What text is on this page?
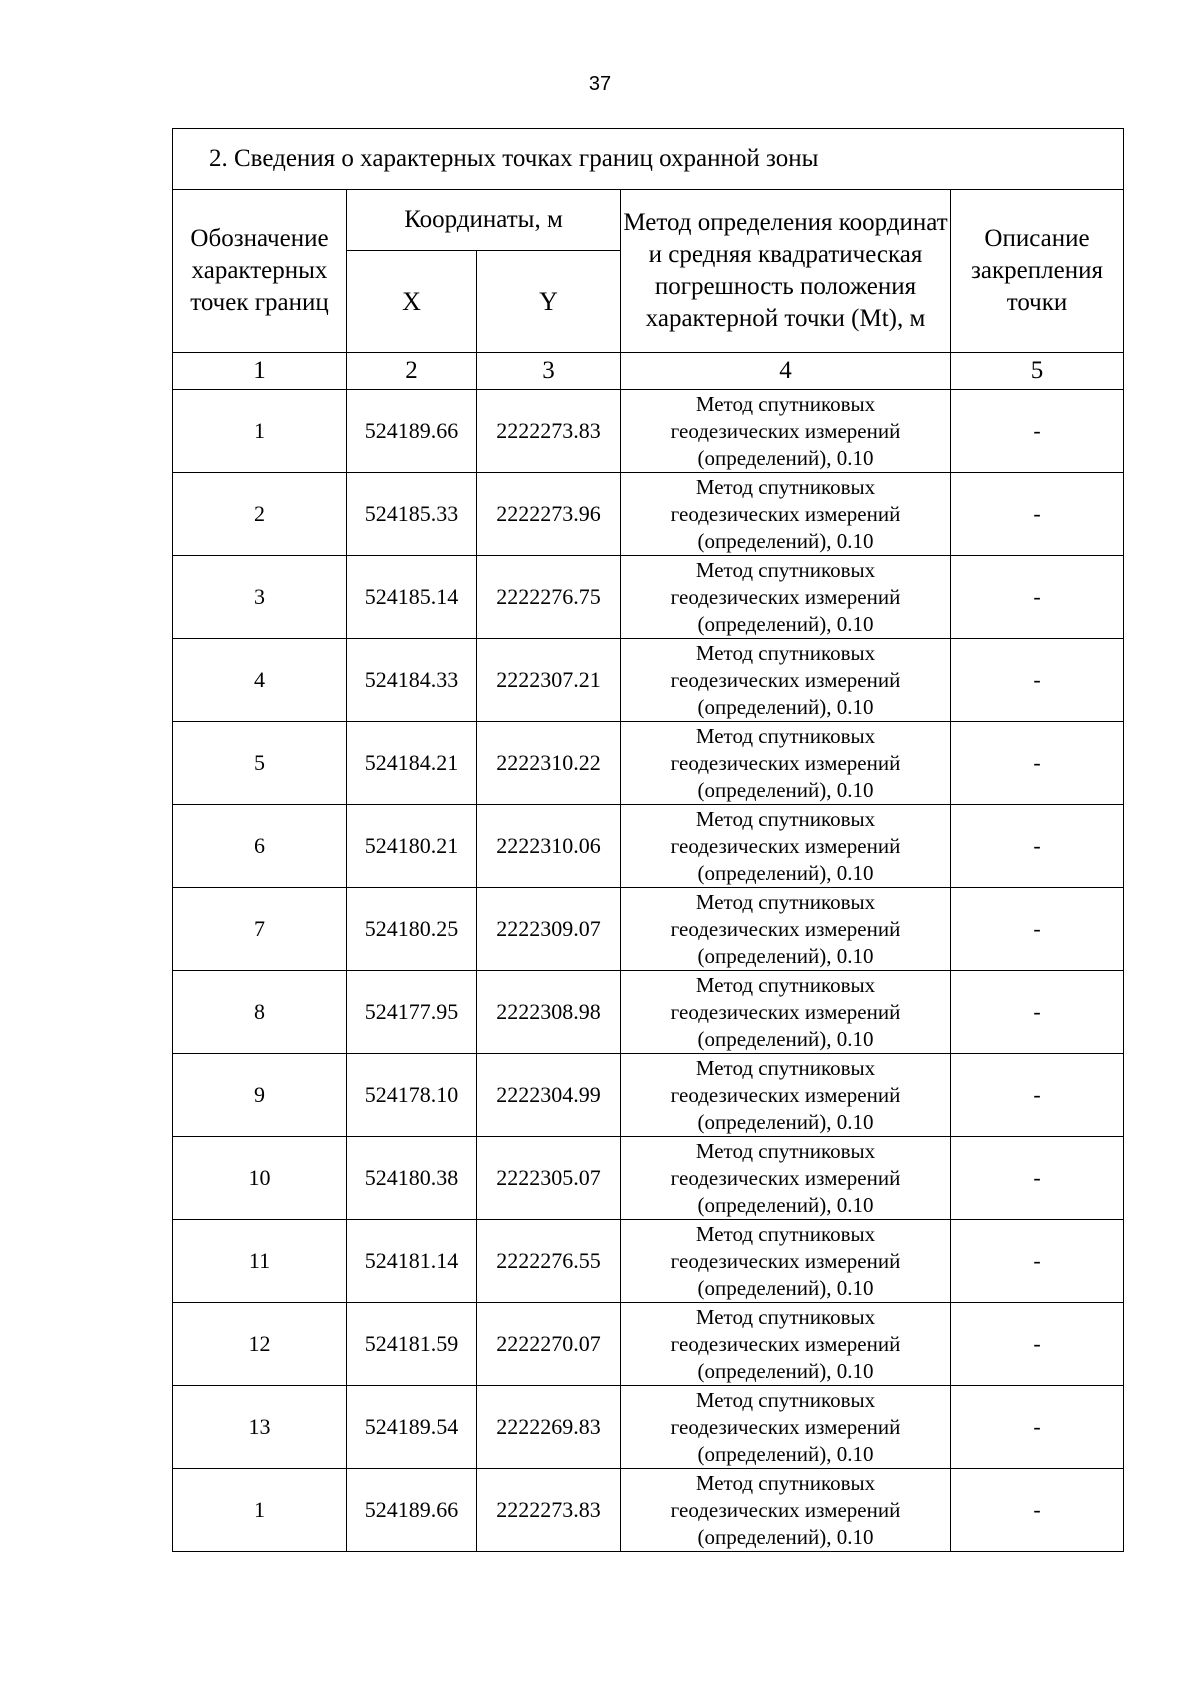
37
2. Сведения о характерных точках границ охранной зоны				
Обозначение характерных точек границ	Координаты, м		Метод определения координат и средняя квадратическая погрешность положения характерной точки (Mt), м	Описание закрепления точки
	X	Y		
1	2	3	4	5
1	524189.66	2222273.83	Метод спутниковых
геодезических измерений
(определений), 0.10	-
2	524185.33	2222273.96	Метод спутниковых
геодезических измерений
(определений), 0.10	-
3	524185.14	2222276.75	Метод спутниковых
геодезических измерений
(определений), 0.10	-
4	524184.33	2222307.21	Метод спутниковых
геодезических измерений
(определений), 0.10	-
5	524184.21	2222310.22	Метод спутниковых
геодезических измерений
(определений), 0.10	-
6	524180.21	2222310.06	Метод спутниковых
геодезических измерений
(определений), 0.10	-
7	524180.25	2222309.07	Метод спутниковых
геодезических измерений
(определений), 0.10	-
8	524177.95	2222308.98	Метод спутниковых
геодезических измерений
(определений), 0.10	-
9	524178.10	2222304.99	Метод спутниковых
геодезических измерений
(определений), 0.10	-
10	524180.38	2222305.07	Метод спутниковых
геодезических измерений
(определений), 0.10	-
11	524181.14	2222276.55	Метод спутниковых
геодезических измерений
(определений), 0.10	-
12	524181.59	2222270.07	Метод спутниковых
геодезических измерений
(определений), 0.10	-
13	524189.54	2222269.83	Метод спутниковых
геодезических измерений
(определений), 0.10	-
1	524189.66	2222273.83	Метод спутниковых
геодезических измерений
(определений), 0.10	-
